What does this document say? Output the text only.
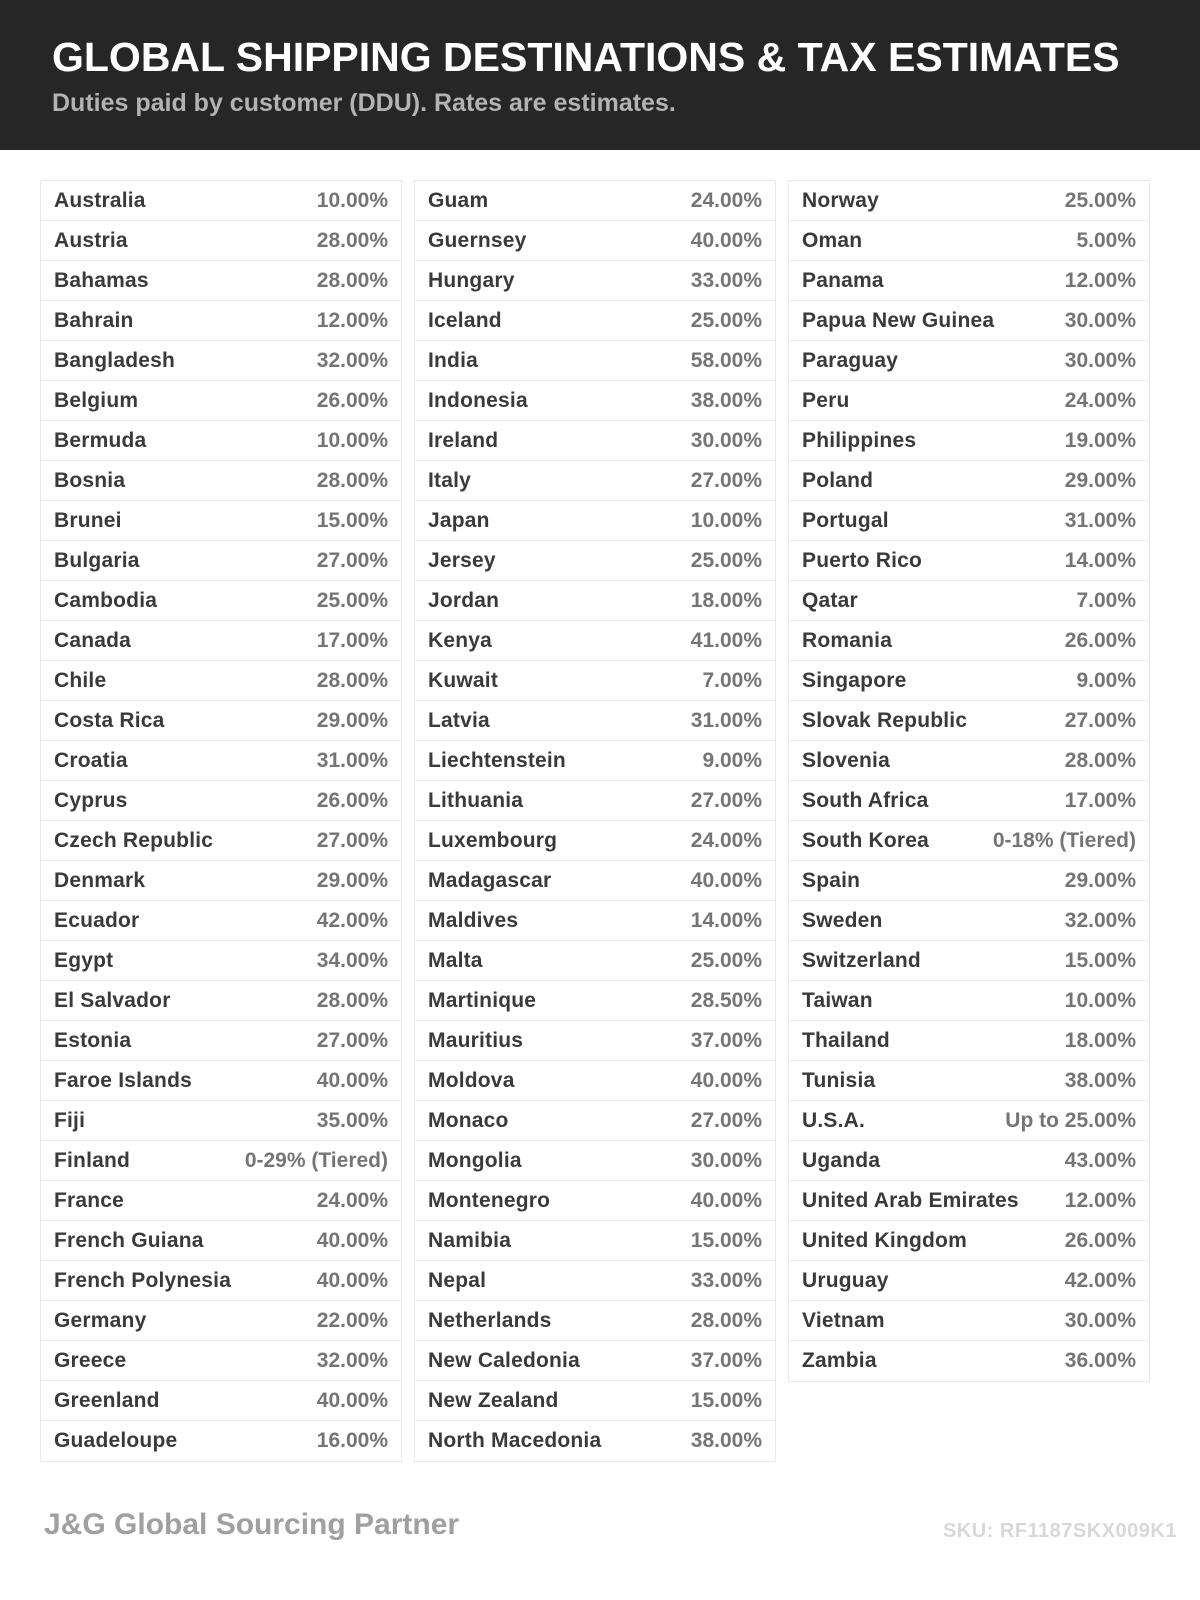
GLOBAL SHIPPING DESTINATIONS & TAX ESTIMATES
Duties paid by customer (DDU). Rates are estimates.
Australia	10.00%
Austria	28.00%
Bahamas	28.00%
Bahrain	12.00%
Bangladesh	32.00%
Belgium	26.00%
Bermuda	10.00%
Bosnia	28.00%
Brunei	15.00%
Bulgaria	27.00%
Cambodia	25.00%
Canada	17.00%
Chile	28.00%
Costa Rica	29.00%
Croatia	31.00%
Cyprus	26.00%
Czech Republic	27.00%
Denmark	29.00%
Ecuador	42.00%
Egypt	34.00%
El Salvador	28.00%
Estonia	27.00%
Faroe Islands	40.00%
Fiji	35.00%
Finland	0-29% (Tiered)
France	24.00%
French Guiana	40.00%
French Polynesia	40.00%
Germany	22.00%
Greece	32.00%
Greenland	40.00%
Guadeloupe	16.00%
Guam	24.00%
Guernsey	40.00%
Hungary	33.00%
Iceland	25.00%
India	58.00%
Indonesia	38.00%
Ireland	30.00%
Italy	27.00%
Japan	10.00%
Jersey	25.00%
Jordan	18.00%
Kenya	41.00%
Kuwait	7.00%
Latvia	31.00%
Liechtenstein	9.00%
Lithuania	27.00%
Luxembourg	24.00%
Madagascar	40.00%
Maldives	14.00%
Malta	25.00%
Martinique	28.50%
Mauritius	37.00%
Moldova	40.00%
Monaco	27.00%
Mongolia	30.00%
Montenegro	40.00%
Namibia	15.00%
Nepal	33.00%
Netherlands	28.00%
New Caledonia	37.00%
New Zealand	15.00%
North Macedonia	38.00%
Norway	25.00%
Oman	5.00%
Panama	12.00%
Papua New Guinea	30.00%
Paraguay	30.00%
Peru	24.00%
Philippines	19.00%
Poland	29.00%
Portugal	31.00%
Puerto Rico	14.00%
Qatar	7.00%
Romania	26.00%
Singapore	9.00%
Slovak Republic	27.00%
Slovenia	28.00%
South Africa	17.00%
South Korea	0-18% (Tiered)
Spain	29.00%
Sweden	32.00%
Switzerland	15.00%
Taiwan	10.00%
Thailand	18.00%
Tunisia	38.00%
U.S.A.	Up to 25.00%
Uganda	43.00%
United Arab Emirates 12.00%
United Kingdom	26.00%
Uruguay	42.00%
Vietnam	30.00%
Zambia	36.00%
J&G Global Sourcing Partner	SKU: RF1187SKX009K1
